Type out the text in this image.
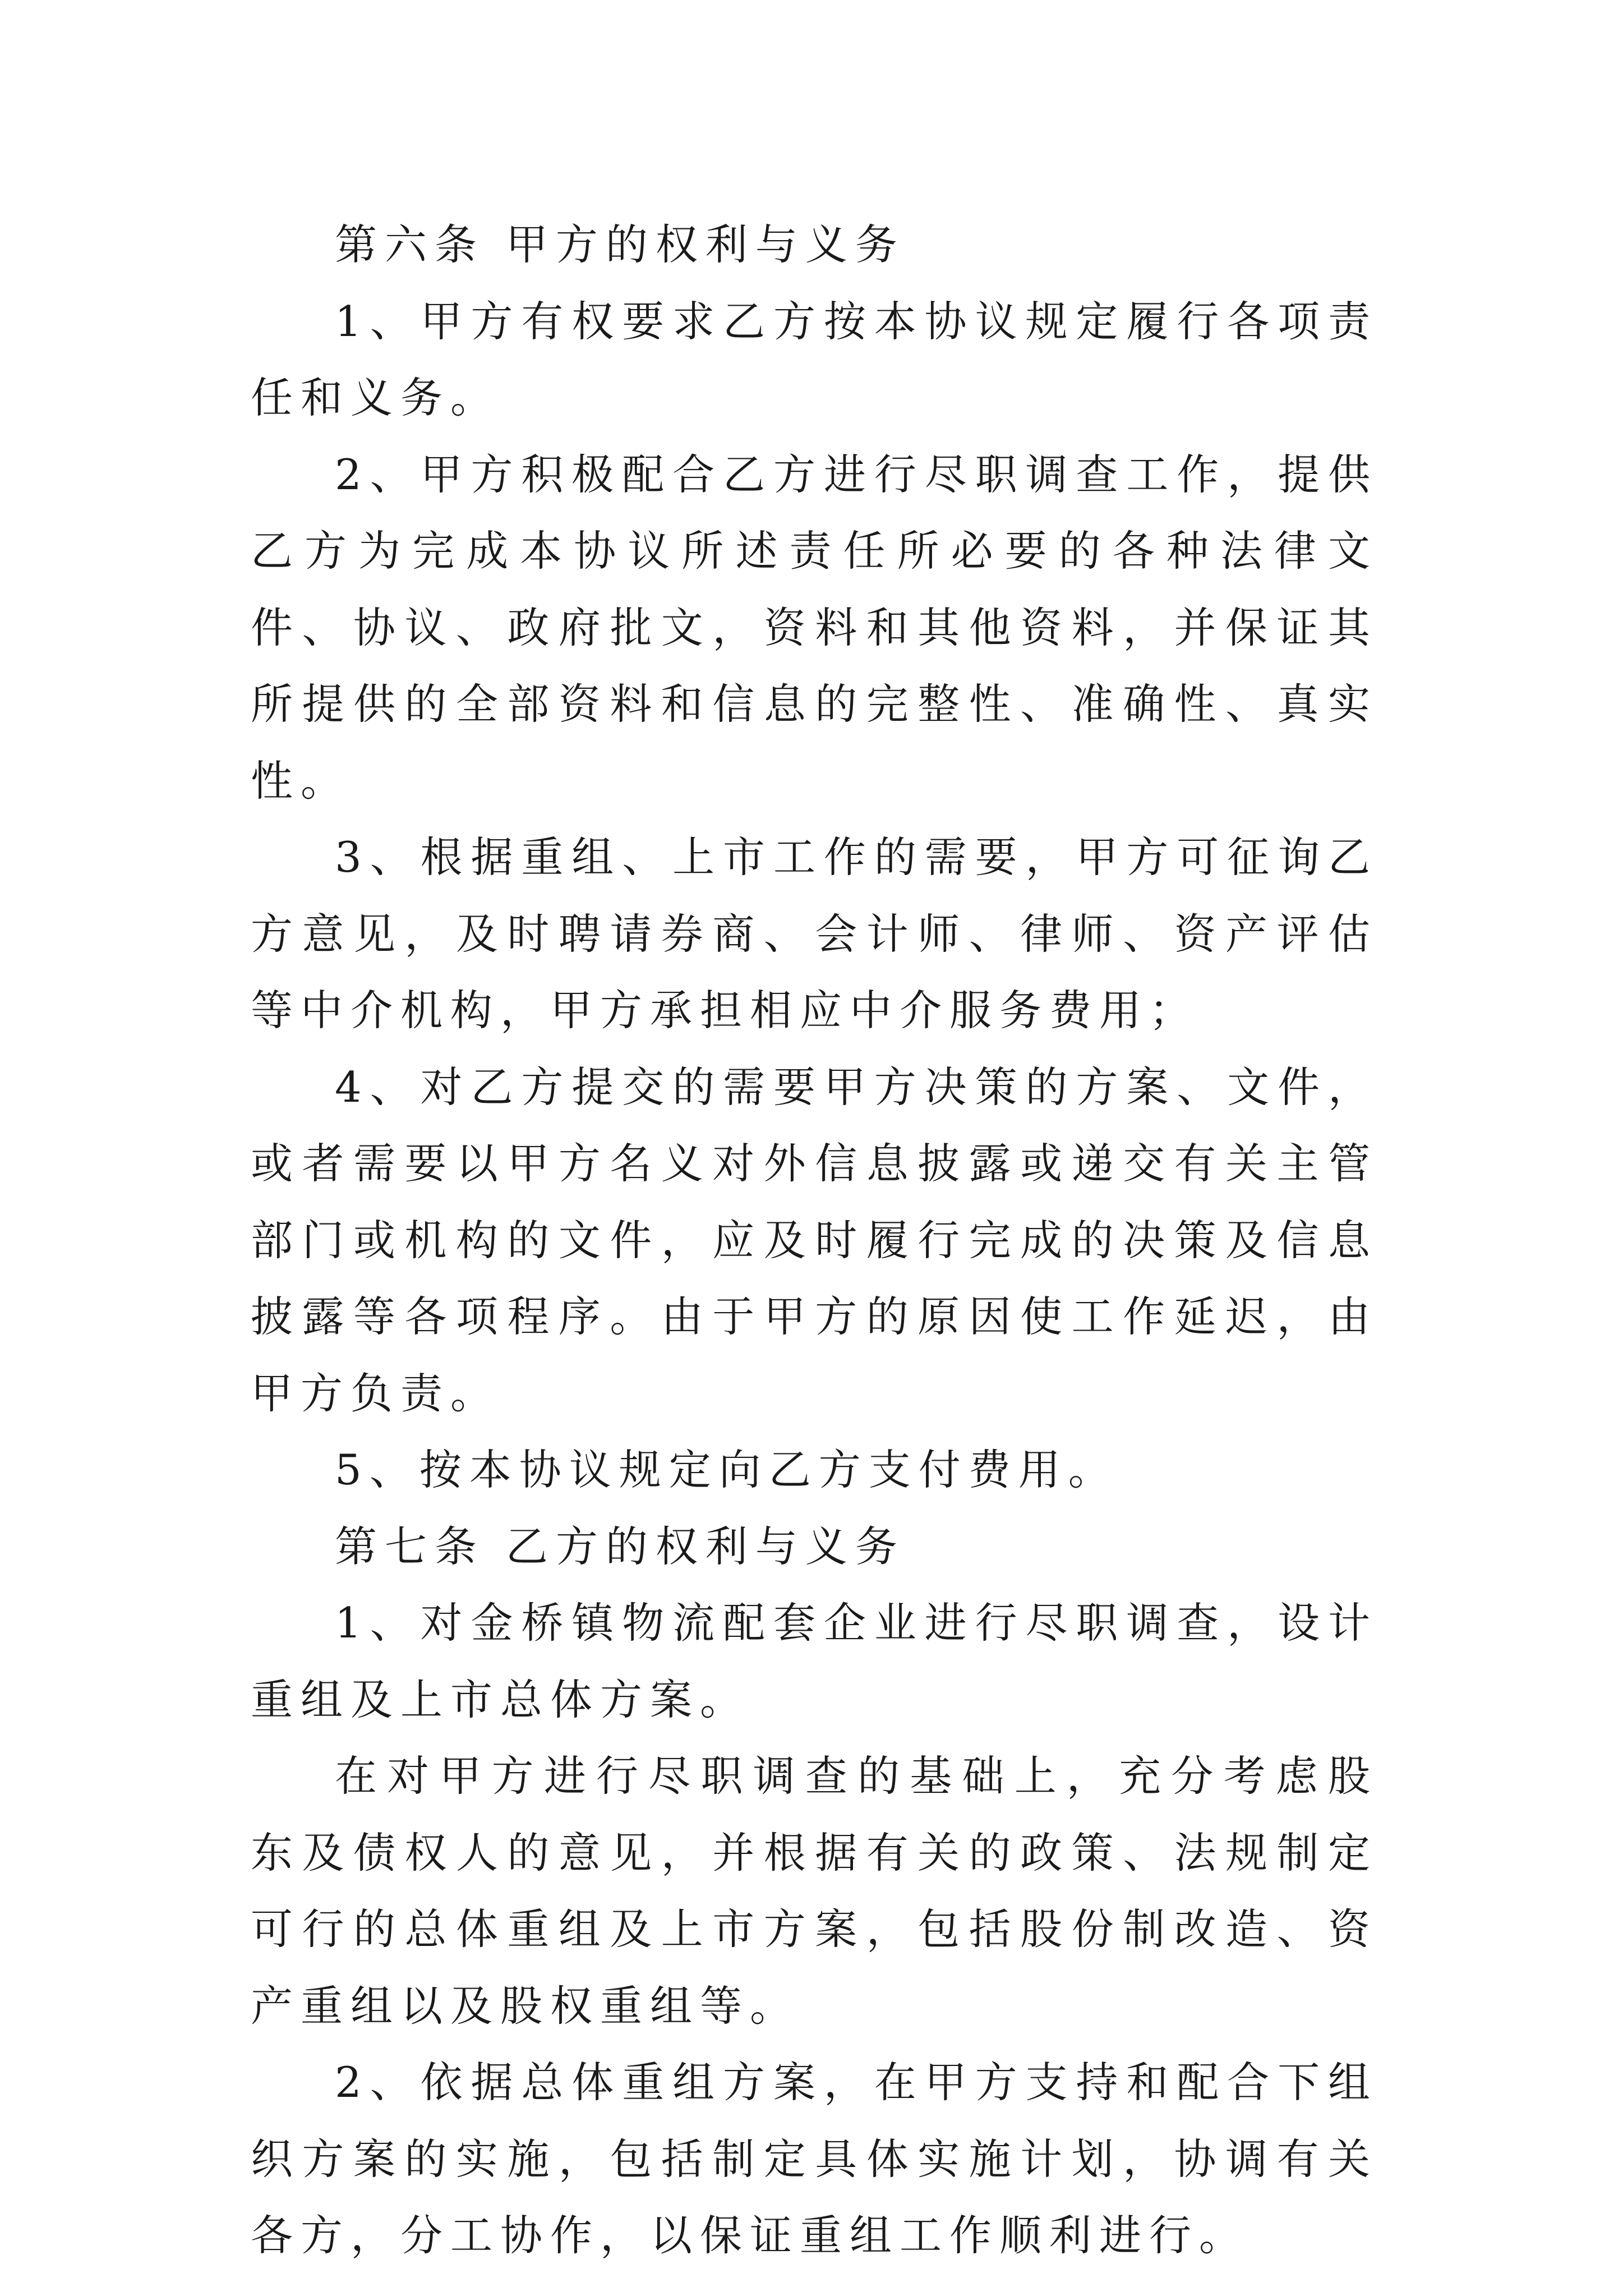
第六条 甲方的权利与义务

1、甲方有权要求乙方按本协议规定履行各项责任和义务。

2、甲方积极配合乙方进行尽职调查工作，提供乙方为完成本协议所述责任所必要的各种法律文件、协议、政府批文，资料和其他资料，并保证其所提供的全部资料和信息的完整性、准确性、真实性。

3、根据重组、上市工作的需要，甲方可征询乙方意见，及时聘请券商、会计师、律师、资产评估等中介机构，甲方承担相应中介服务费用；

4、对乙方提交的需要甲方决策的方案、文件，或者需要以甲方名义对外信息披露或递交有关主管部门或机构的文件，应及时履行完成的决策及信息披露等各项程序。由于甲方的原因使工作延迟，由甲方负责。

5、按本协议规定向乙方支付费用。

第七条 乙方的权利与义务

1、对金桥镇物流配套企业进行尽职调查，设计重组及上市总体方案。

在对甲方进行尽职调查的基础上，充分考虑股东及债权人的意见，并根据有关的政策、法规制定可行的总体重组及上市方案，包括股份制改造、资产重组以及股权重组等。

2、依据总体重组方案，在甲方支持和配合下组织方案的实施，包括制定具体实施计划，协调有关各方，分工协作，以保证重组工作顺利进行。
